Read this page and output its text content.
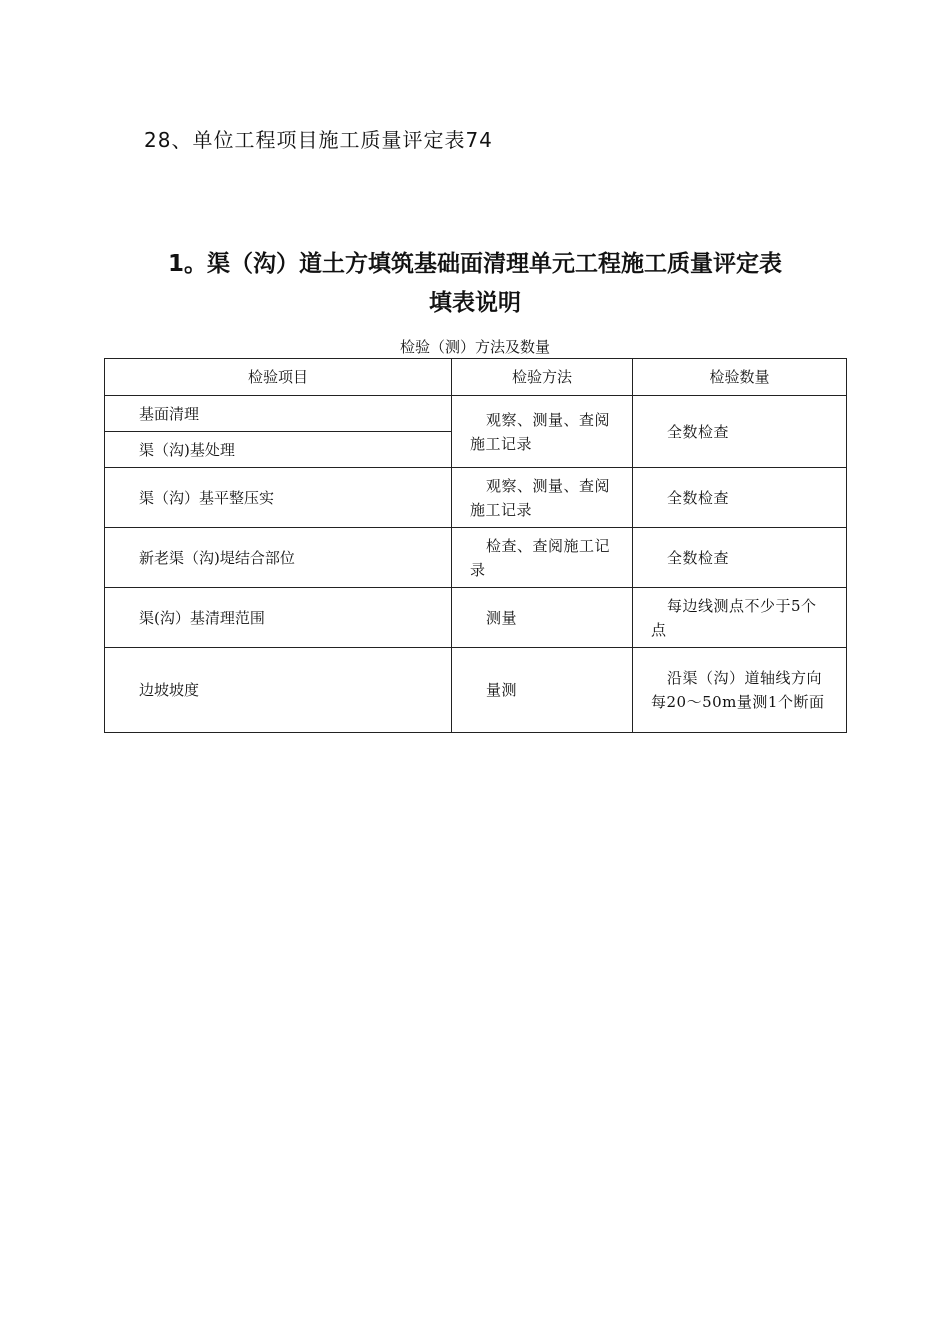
28、单位工程项目施工质量评定表74
1。渠（沟）道土方填筑基础面清理单元工程施工质量评定表
填表说明
检验（测）方法及数量
检验项目	检验方法	检验数量
基面清理	观察、测量、查阅施工记录	全数检查
渠（沟)基处理		
渠（沟）基平整压实	观察、测量、查阅施工记录	全数检查
新老渠（沟)堤结合部位	检查、查阅施工记录	全数检查
渠(沟）基清理范围	测量	每边线测点不少于5个点
边坡坡度	量测	沿渠（沟）道轴线方向每20～50m量测1个断面
